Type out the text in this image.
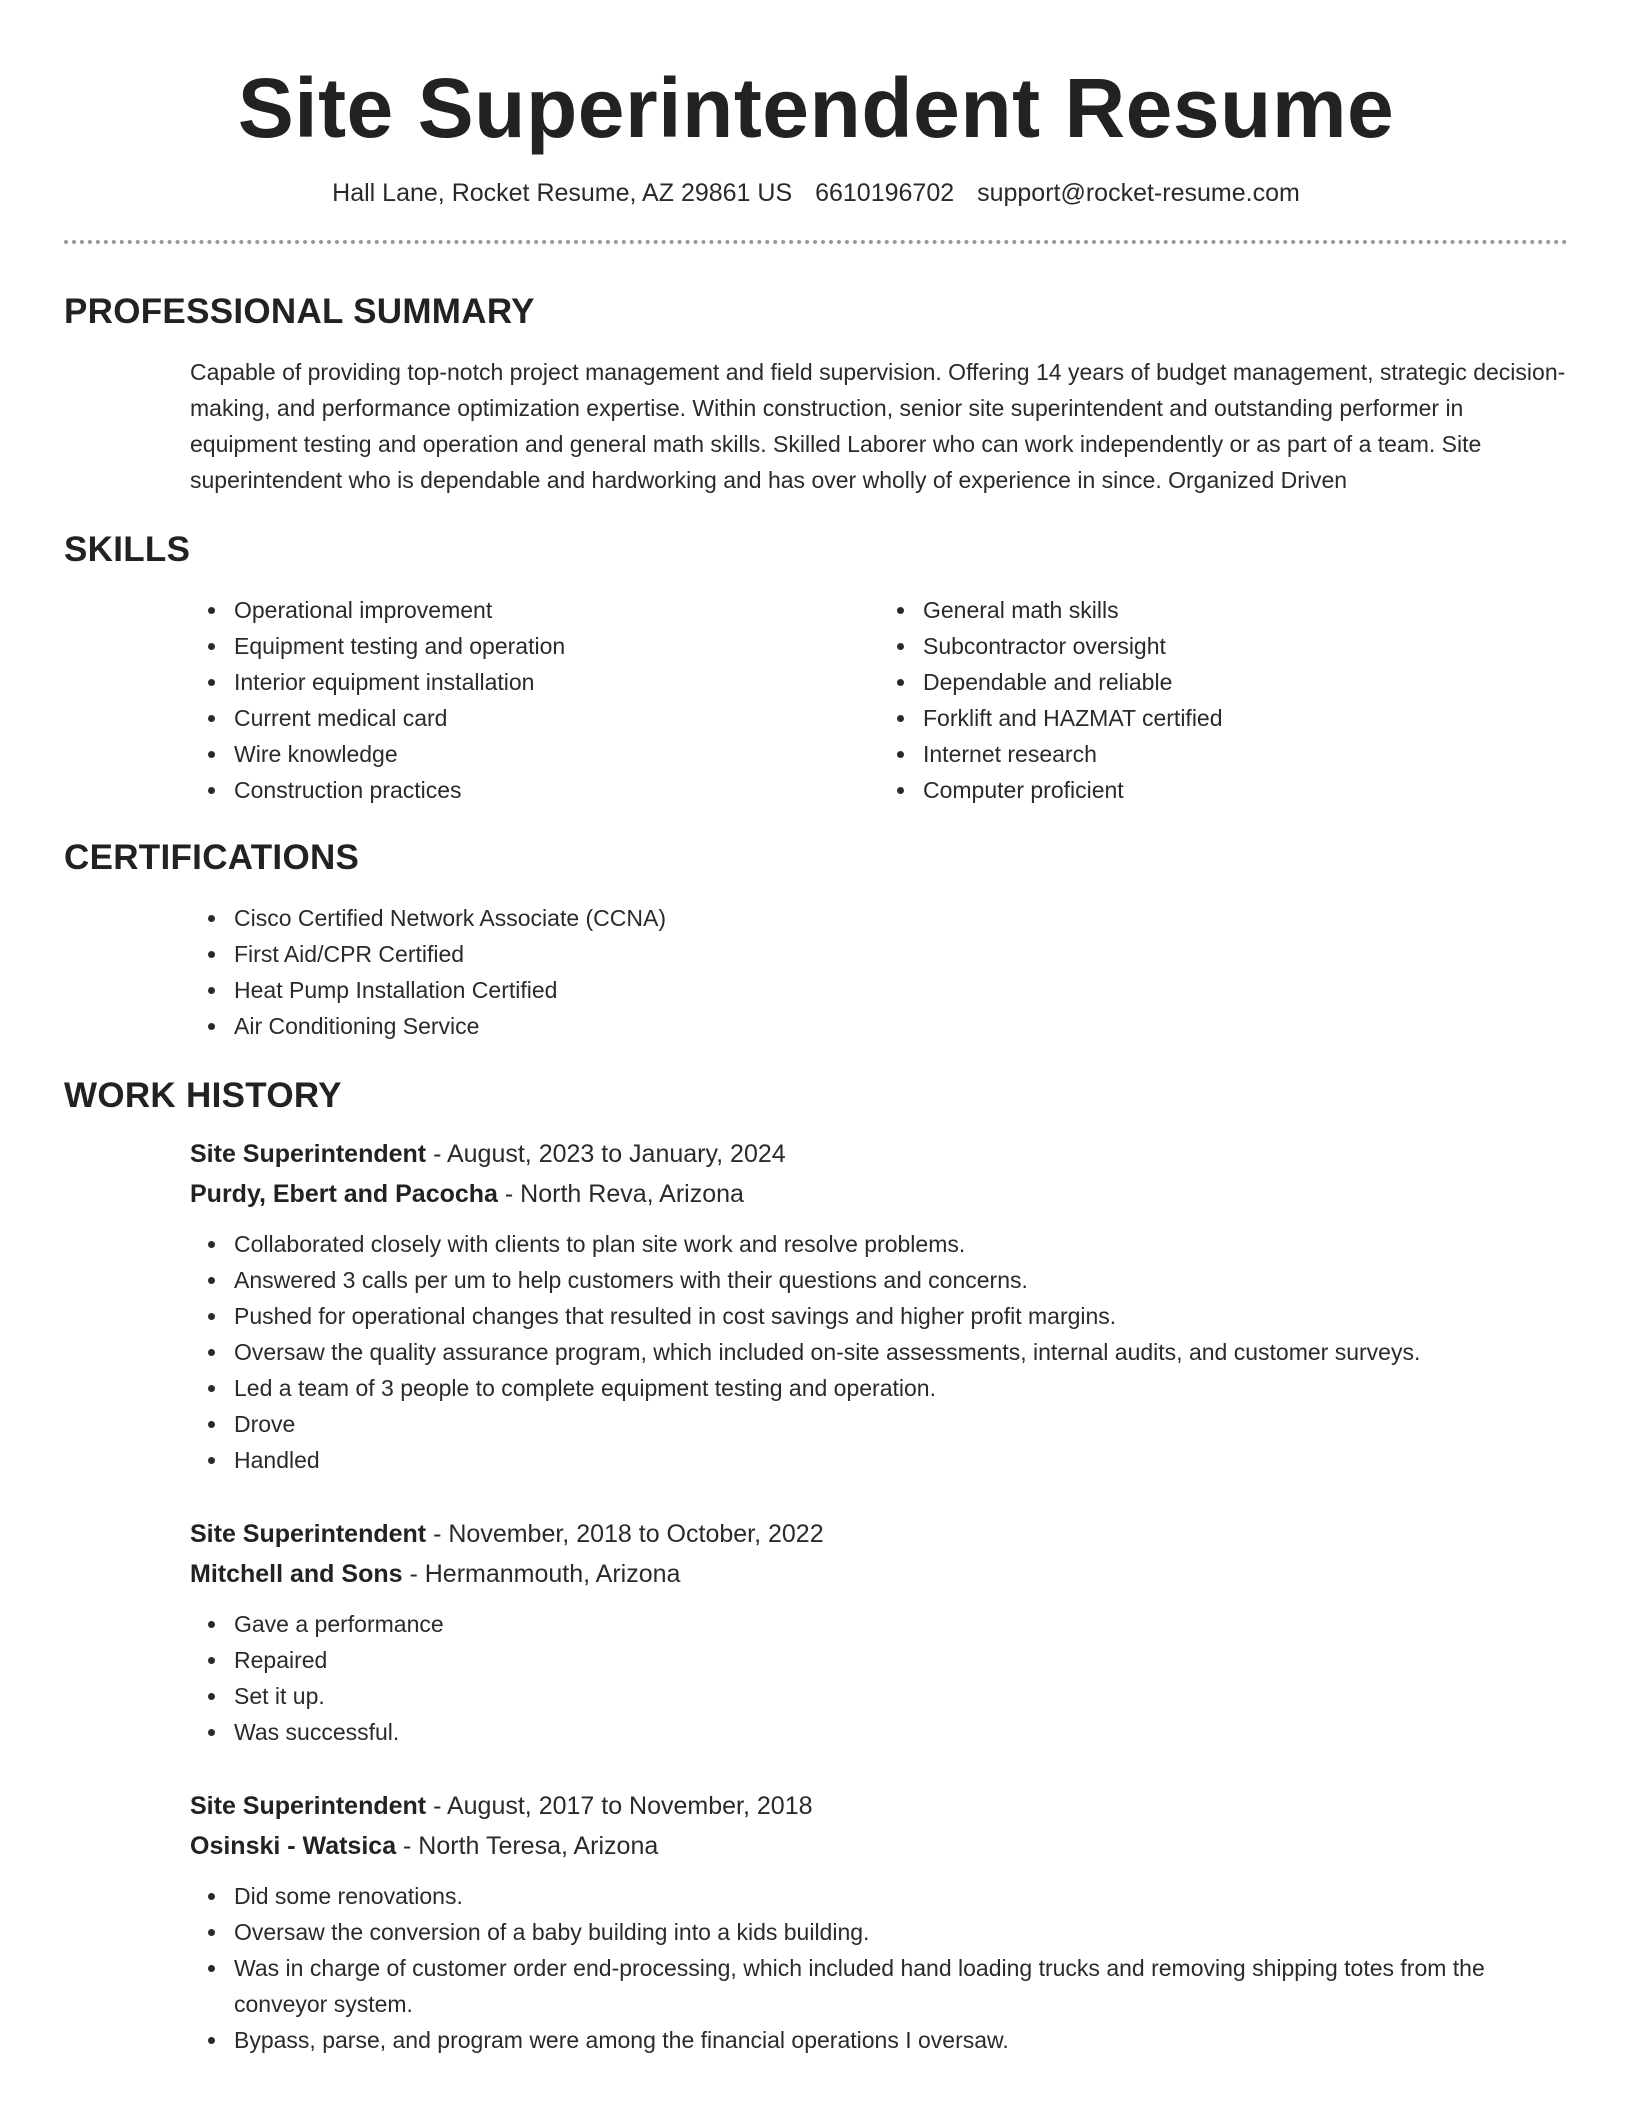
Site Superintendent Resume
Hall Lane, Rocket Resume, AZ 29861 US 6610196702 support@rocket-resume.com
PROFESSIONAL SUMMARY
Capable of providing top-notch project management and field supervision. Offering 14 years of budget management, strategic decision-making, and performance optimization expertise. Within construction, senior site superintendent and outstanding performer in equipment testing and operation and general math skills. Skilled Laborer who can work independently or as part of a team. Site superintendent who is dependable and hardworking and has over wholly of experience in since. Organized Driven
SKILLS
Operational improvement
Equipment testing and operation
Interior equipment installation
Current medical card
Wire knowledge
Construction practices
General math skills
Subcontractor oversight
Dependable and reliable
Forklift and HAZMAT certified
Internet research
Computer proficient
CERTIFICATIONS
Cisco Certified Network Associate (CCNA)
First Aid/CPR Certified
Heat Pump Installation Certified
Air Conditioning Service
WORK HISTORY
Site Superintendent - August, 2023 to January, 2024
Purdy, Ebert and Pacocha - North Reva, Arizona
Collaborated closely with clients to plan site work and resolve problems.
Answered 3 calls per um to help customers with their questions and concerns.
Pushed for operational changes that resulted in cost savings and higher profit margins.
Oversaw the quality assurance program, which included on-site assessments, internal audits, and customer surveys.
Led a team of 3 people to complete equipment testing and operation.
Drove
Handled
Site Superintendent - November, 2018 to October, 2022
Mitchell and Sons - Hermanmouth, Arizona
Gave a performance
Repaired
Set it up.
Was successful.
Site Superintendent - August, 2017 to November, 2018
Osinski - Watsica - North Teresa, Arizona
Did some renovations.
Oversaw the conversion of a baby building into a kids building.
Was in charge of customer order end-processing, which included hand loading trucks and removing shipping totes from the conveyor system.
Bypass, parse, and program were among the financial operations I oversaw.
